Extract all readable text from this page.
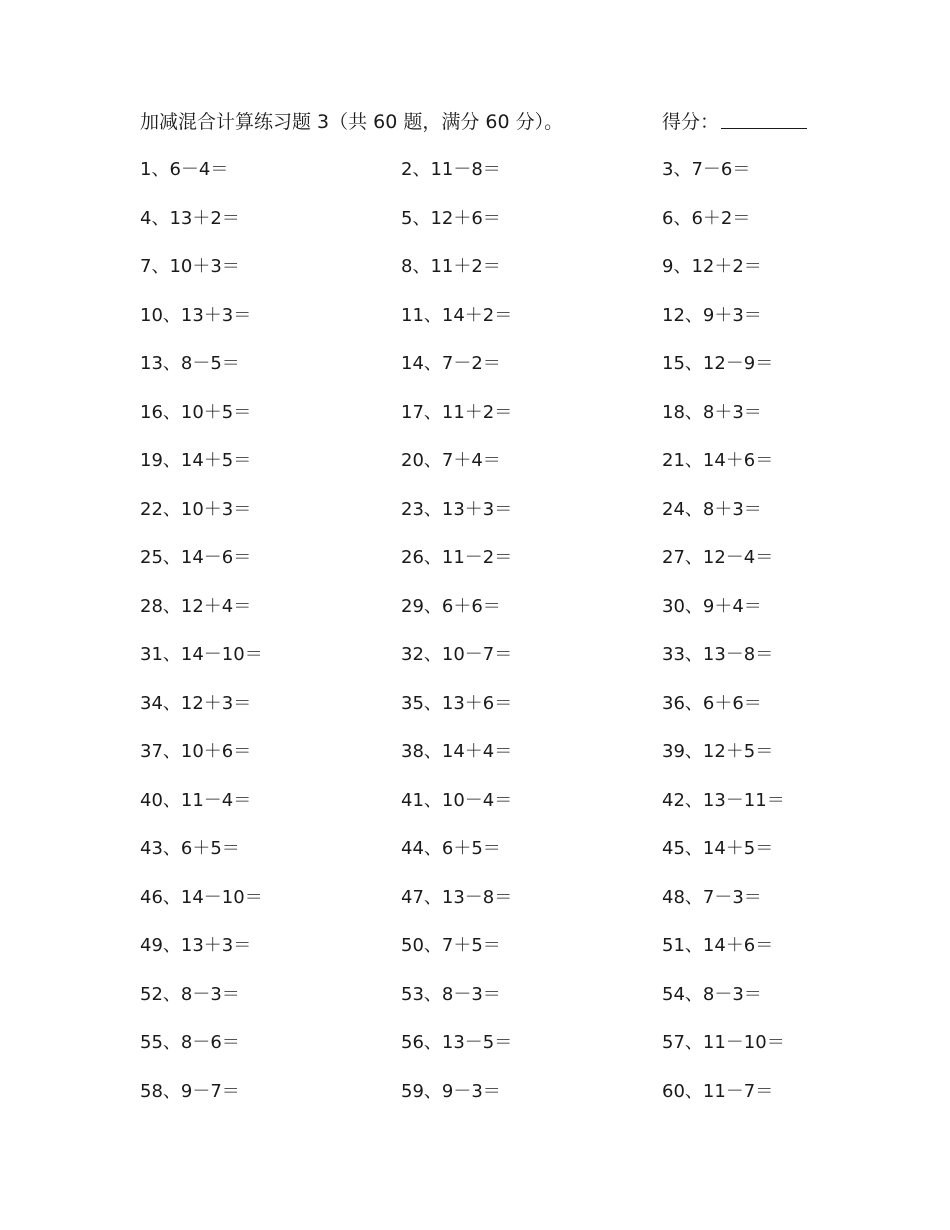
加减混合计算练习题 3（共 60 题，满分 60 分）。	得分：
1、6－4＝	2、11－8＝	3、7－6＝
4、13＋2＝	5、12＋6＝	6、6＋2＝
7、10＋3＝	8、11＋2＝	9、12＋2＝
10、13＋3＝	11、14＋2＝	12、9＋3＝
13、8－5＝	14、7－2＝	15、12－9＝
16、10＋5＝	17、11＋2＝	18、8＋3＝
19、14＋5＝	20、7＋4＝	21、14＋6＝
22、10＋3＝	23、13＋3＝	24、8＋3＝
25、14－6＝	26、11－2＝	27、12－4＝
28、12＋4＝	29、6＋6＝	30、9＋4＝
31、14－10＝	32、10－7＝	33、13－8＝
34、12＋3＝	35、13＋6＝	36、6＋6＝
37、10＋6＝	38、14＋4＝	39、12＋5＝
40、11－4＝	41、10－4＝	42、13－11＝
43、6＋5＝	44、6＋5＝	45、14＋5＝
46、14－10＝	47、13－8＝	48、7－3＝
49、13＋3＝	50、7＋5＝	51、14＋6＝
52、8－3＝	53、8－3＝	54、8－3＝
55、8－6＝	56、13－5＝	57、11－10＝
58、9－7＝	59、9－3＝	60、11－7＝
